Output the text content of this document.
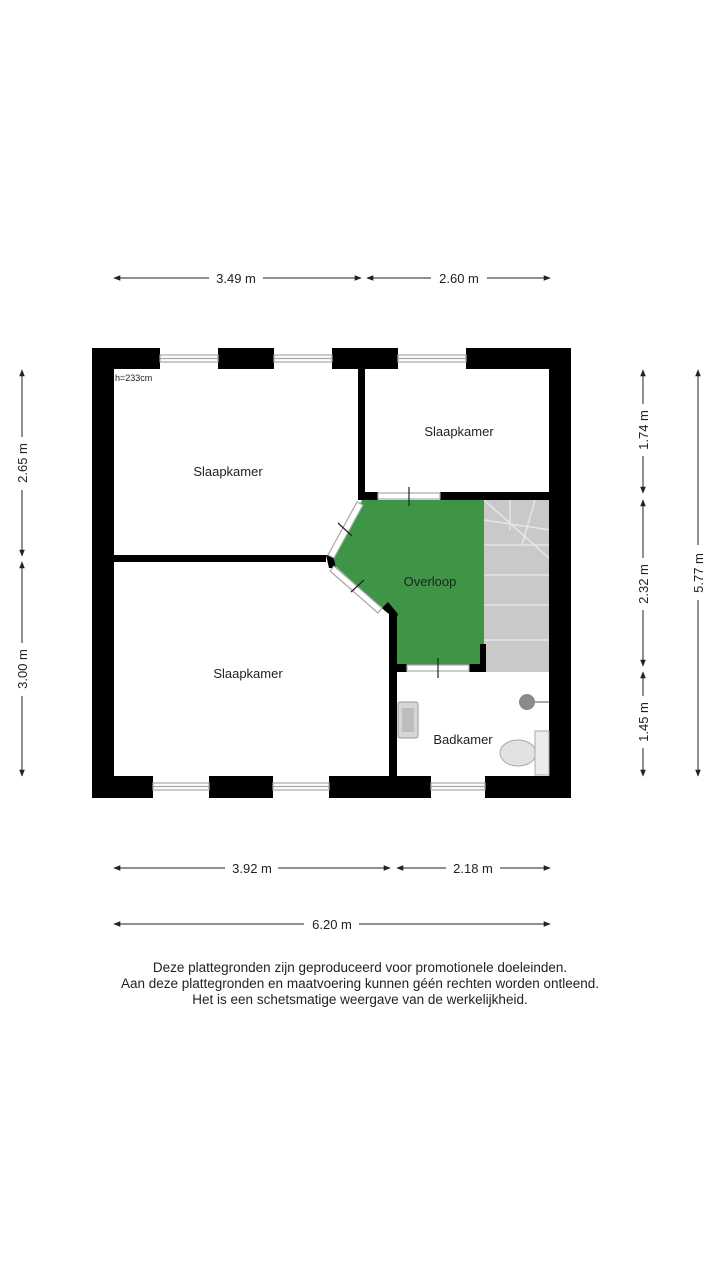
h=233cm
Slaapkamer
Slaapkamer
Slaapkamer
Overloop
Badkamer
3.49 m	2.60 m
3.92 m	2.18 m
6.20 m
2.65 m
3.00 m
1.74 m
2.32 m
1.45 m
5.77 m
Deze plattegronden zijn geproduceerd voor promotionele doeleinden.
Aan deze plattegronden en maatvoering kunnen géén rechten worden ontleend.
Het is een schetsmatige weergave van de werkelijkheid.
